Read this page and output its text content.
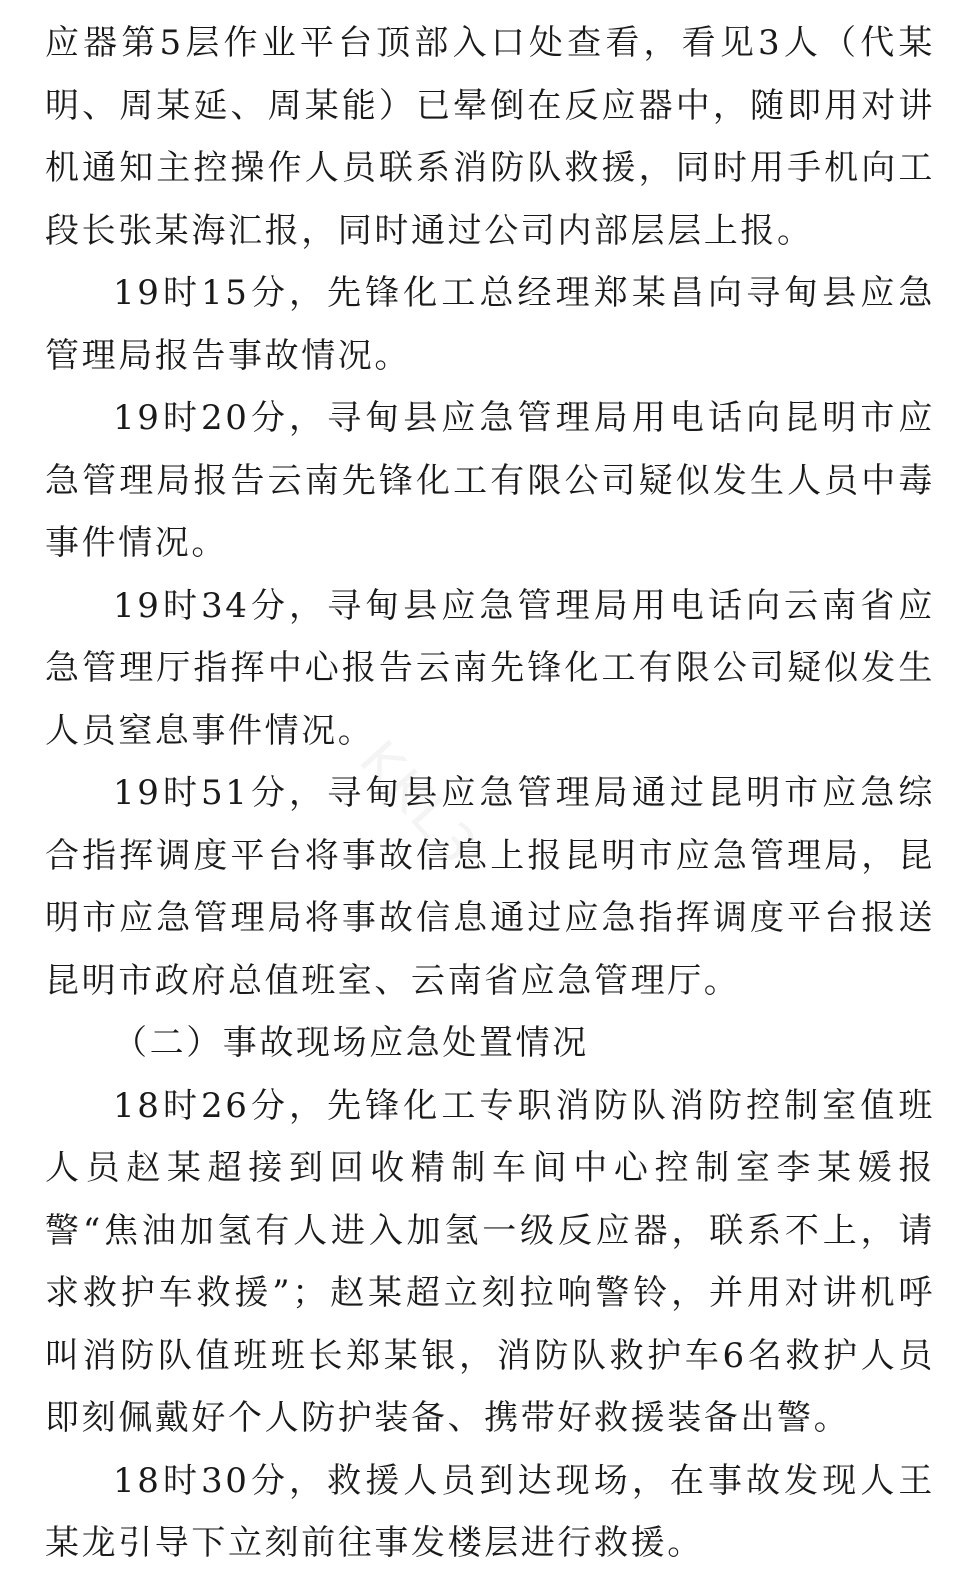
应器第5层作业平台顶部入口处查看，看见3人（代某明、周某延、周某能）已晕倒在反应器中，随即用对讲机通知主控操作人员联系消防队救援，同时用手机向工段长张某海汇报，同时通过公司内部层层上报。

19时15分，先锋化工总经理郑某昌向寻甸县应急管理局报告事故情况。

19时20分，寻甸县应急管理局用电话向昆明市应急管理局报告云南先锋化工有限公司疑似发生人员中毒事件情况。

19时34分，寻甸县应急管理局用电话向云南省应急管理厅指挥中心报告云南先锋化工有限公司疑似发生人员窒息事件情况。

19时51分，寻甸县应急管理局通过昆明市应急综合指挥调度平台将事故信息上报昆明市应急管理局，昆明市应急管理局将事故信息通过应急指挥调度平台报送昆明市政府总值班室、云南省应急管理厅。

（二）事故现场应急处置情况

18时26分，先锋化工专职消防队消防控制室值班人员赵某超接到回收精制车间中心控制室李某媛报警“焦油加氢有人进入加氢一级反应器，联系不上，请求救护车救援”；赵某超立刻拉响警铃，并用对讲机呼叫消防队值班班长郑某银，消防队救护车6名救护人员即刻佩戴好个人防护装备、携带好救援装备出警。

18时30分，救援人员到达现场，在事故发现人王某龙引导下立刻前往事发楼层进行救援。

KKL3
